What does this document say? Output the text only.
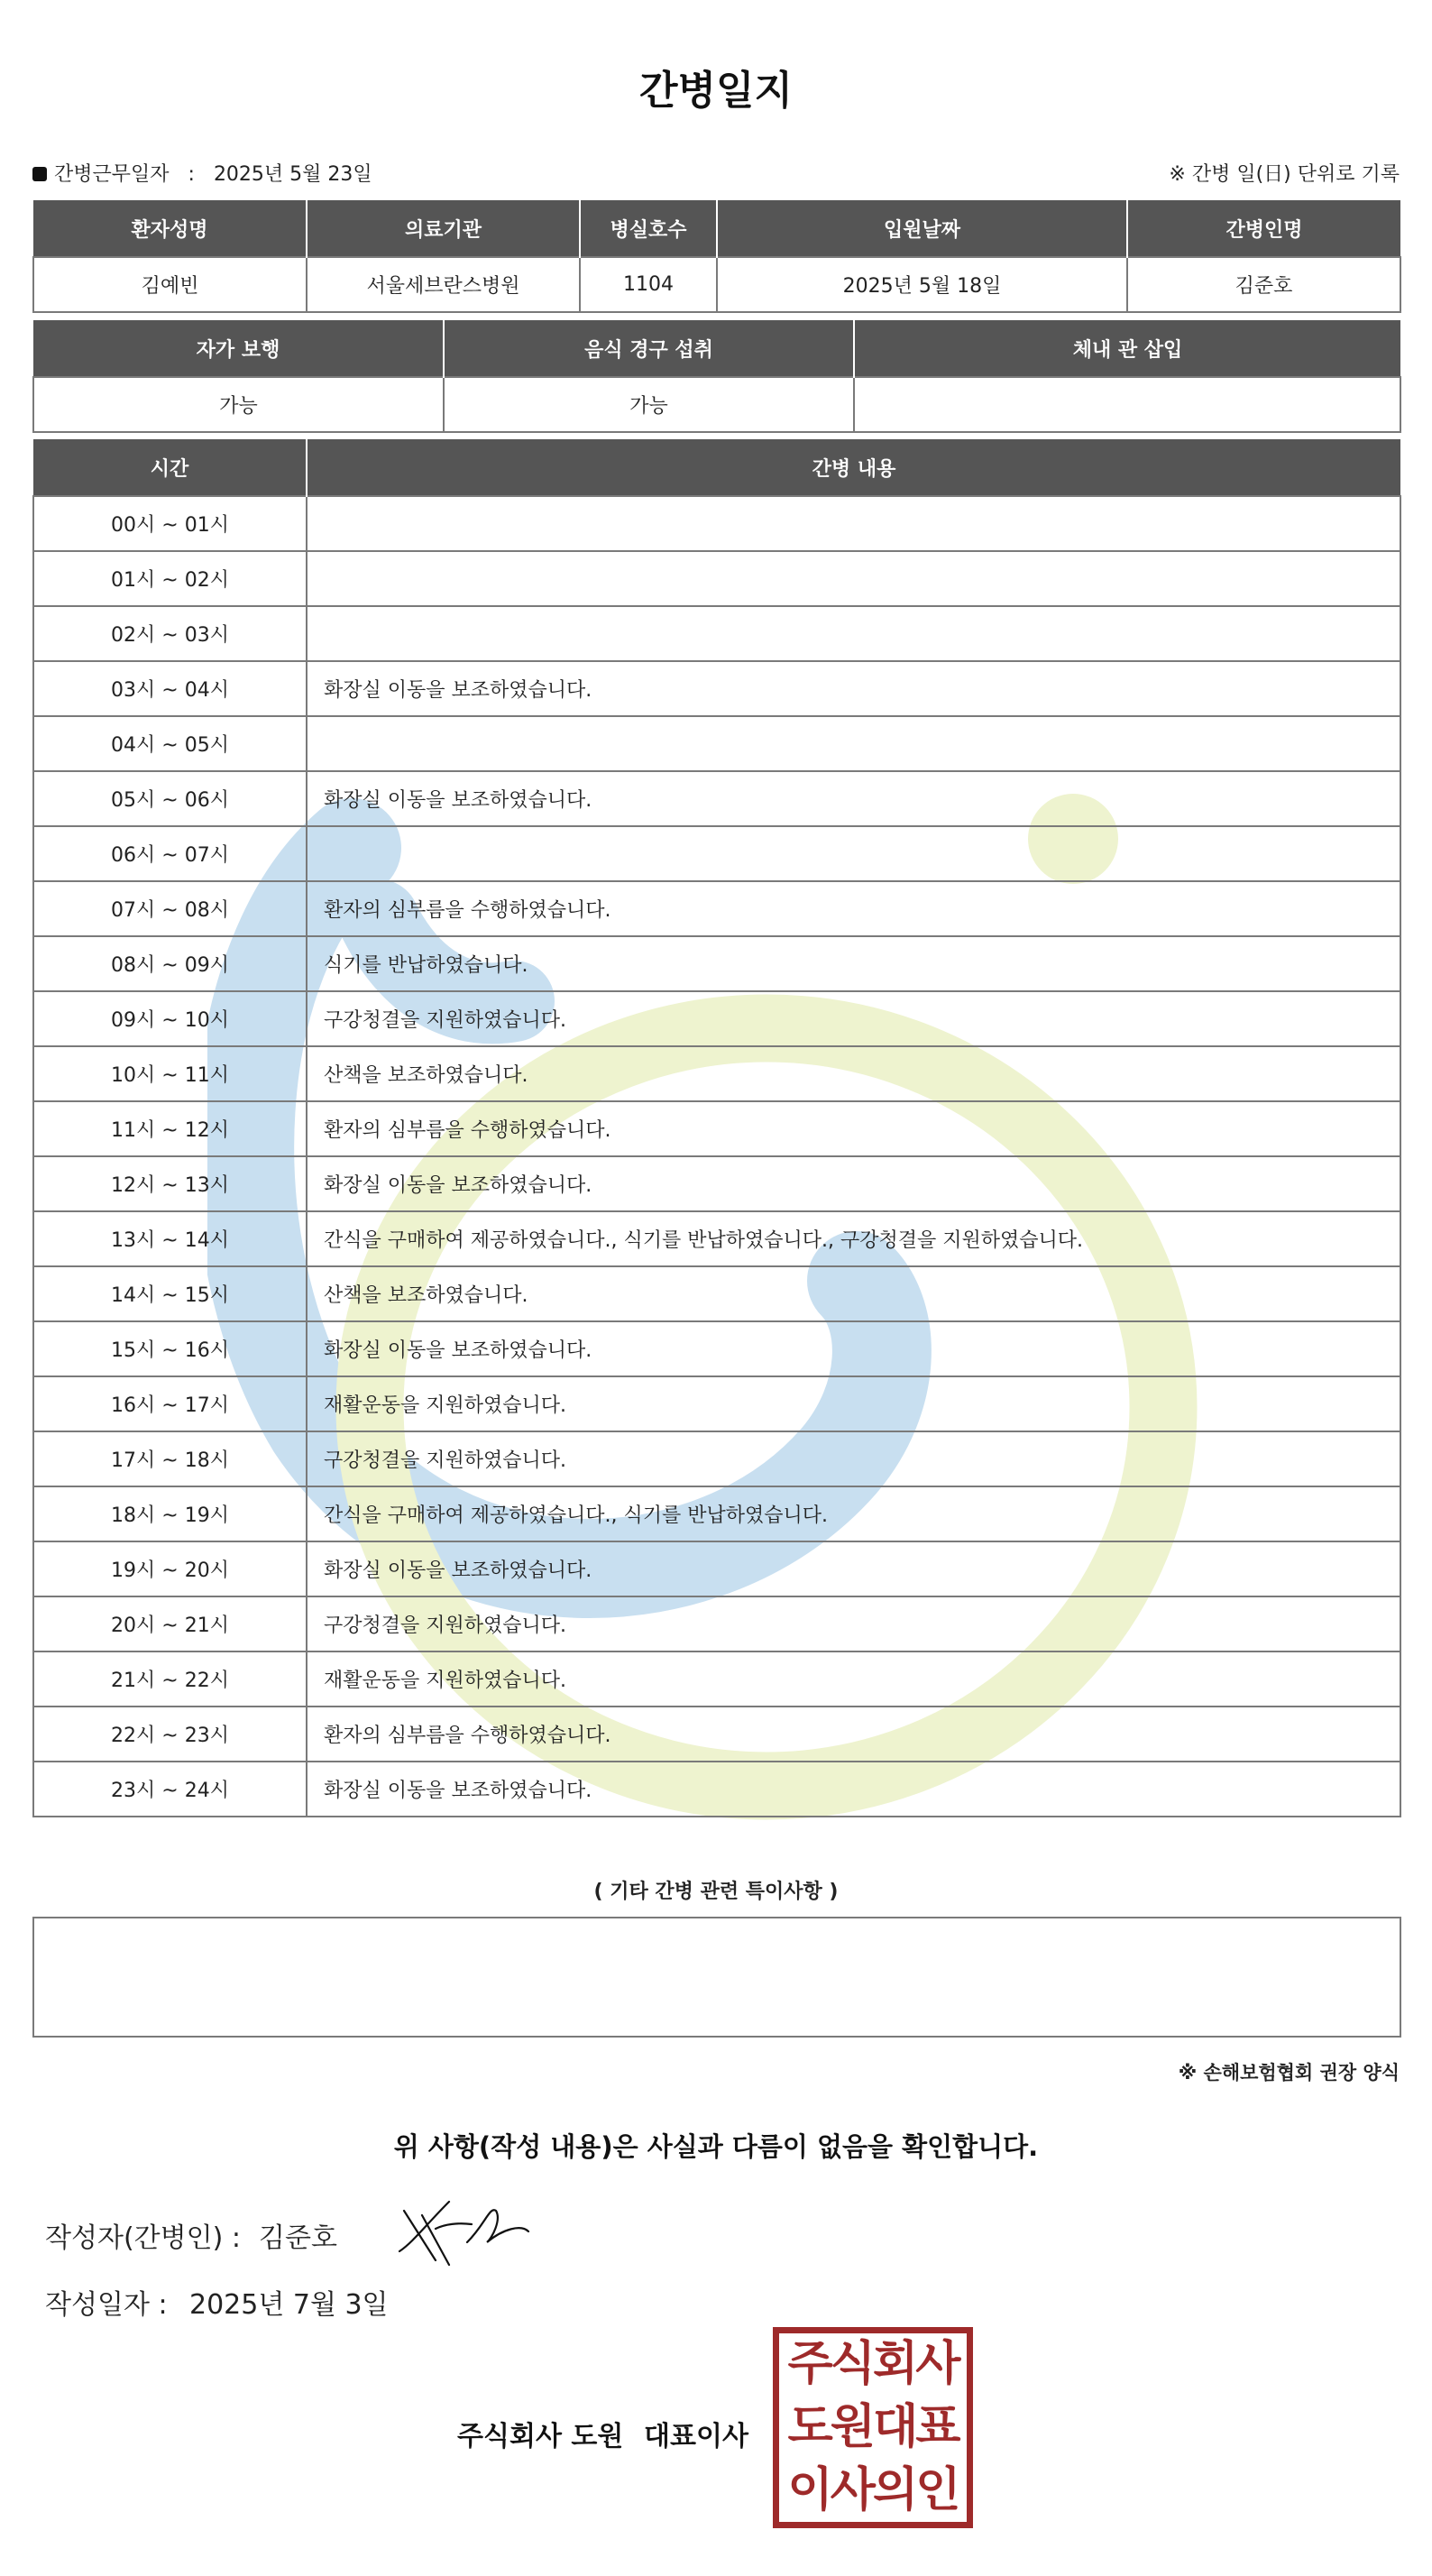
간병일지
간병근무일자 : 2025년 5월 23일	※ 간병 일(日) 단위로 기록
환자성명	의료기관	병실호수	입원날짜	간병인명
김예빈	서울세브란스병원	1104	2025년 5월 18일	김준호
자가 보행	음식 경구 섭취	체내 관 삽입
가능	가능	
시간	간병 내용
00시 ~ 01시	
01시 ~ 02시	
02시 ~ 03시	
03시 ~ 04시	화장실 이동을 보조하였습니다.
04시 ~ 05시	
05시 ~ 06시	화장실 이동을 보조하였습니다.
06시 ~ 07시	
07시 ~ 08시	환자의 심부름을 수행하였습니다.
08시 ~ 09시	식기를 반납하였습니다.
09시 ~ 10시	구강청결을 지원하였습니다.
10시 ~ 11시	산책을 보조하였습니다.
11시 ~ 12시	환자의 심부름을 수행하였습니다.
12시 ~ 13시	화장실 이동을 보조하였습니다.
13시 ~ 14시	간식을 구매하여 제공하였습니다., 식기를 반납하였습니다., 구강청결을 지원하였습니다.
14시 ~ 15시	산책을 보조하였습니다.
15시 ~ 16시	화장실 이동을 보조하였습니다.
16시 ~ 17시	재활운동을 지원하였습니다.
17시 ~ 18시	구강청결을 지원하였습니다.
18시 ~ 19시	간식을 구매하여 제공하였습니다., 식기를 반납하였습니다.
19시 ~ 20시	화장실 이동을 보조하였습니다.
20시 ~ 21시	구강청결을 지원하였습니다.
21시 ~ 22시	재활운동을 지원하였습니다.
22시 ~ 23시	환자의 심부름을 수행하였습니다.
23시 ~ 24시	화장실 이동을 보조하였습니다.
( 기타 간병 관련 특이사항 )
※ 손해보험협회 권장 양식
위 사항(작성 내용)은 사실과 다름이 없음을 확인합니다.
작성자(간병인) : 김준호
작성일자 : 2025년 7월 3일
주식회사 도원 대표이사
주식회사
도원대표
이사의인
